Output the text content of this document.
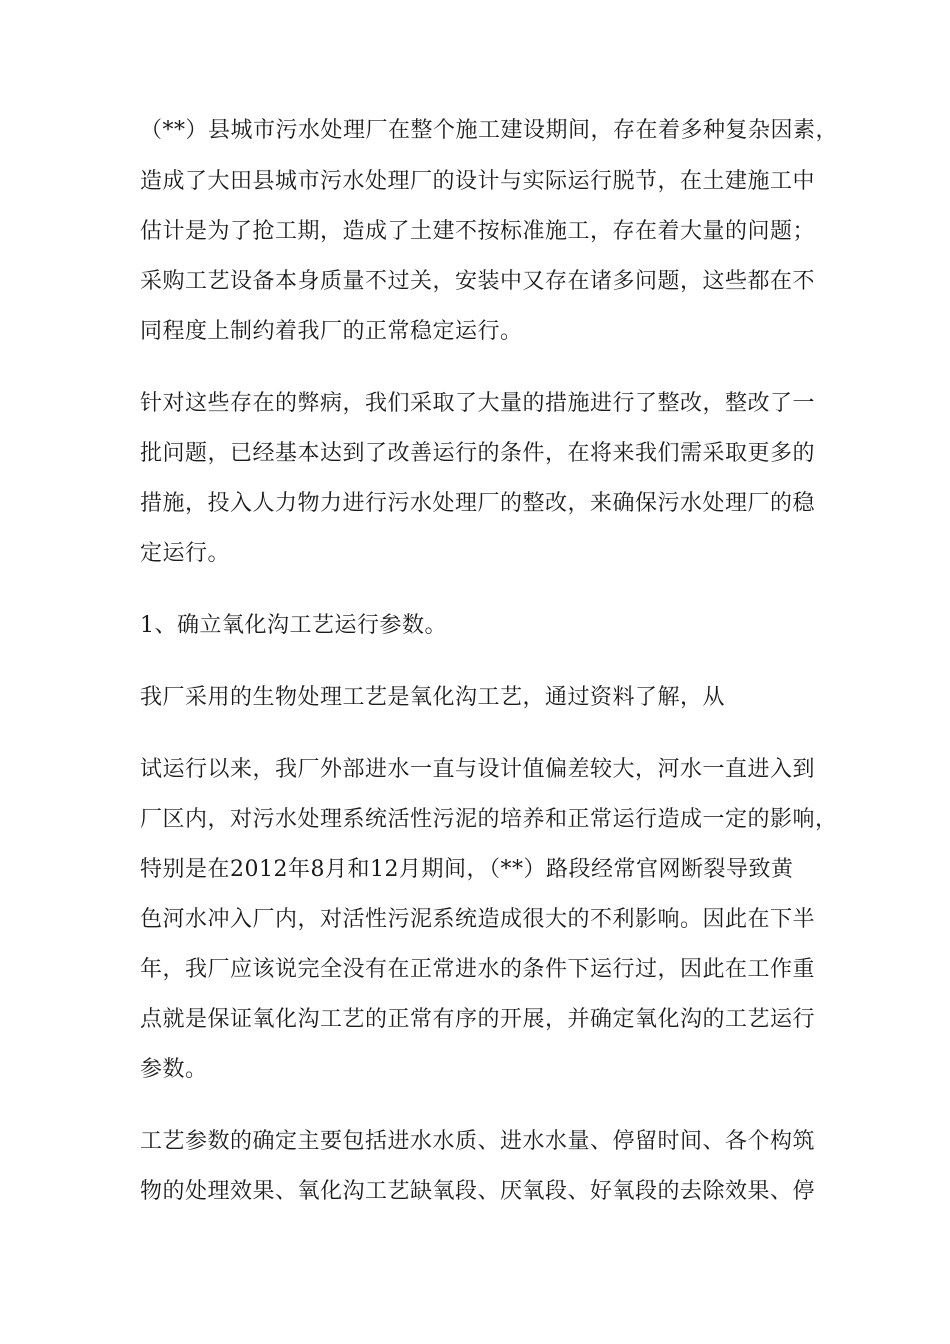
（**）县城市污水处理厂在整个施工建设期间，存在着多种复杂因素，
造成了大田县城市污水处理厂的设计与实际运行脱节，在土建施工中
估计是为了抢工期，造成了土建不按标准施工，存在着大量的问题；
采购工艺设备本身质量不过关，安装中又存在诸多问题，这些都在不
同程度上制约着我厂的正常稳定运行。
针对这些存在的弊病，我们采取了大量的措施进行了整改，整改了一
批问题，已经基本达到了改善运行的条件，在将来我们需采取更多的
措施，投入人力物力进行污水处理厂的整改，来确保污水处理厂的稳
定运行。
1、确立氧化沟工艺运行参数。
我厂采用的生物处理工艺是氧化沟工艺，通过资料了解，从
试运行以来，我厂外部进水一直与设计值偏差较大，河水一直进入到
厂区内，对污水处理系统活性污泥的培养和正常运行造成一定的影响，
特别是在2012年8月和12月期间，（**）路段经常官网断裂导致黄
色河水冲入厂内，对活性污泥系统造成很大的不利影响。因此在下半
年，我厂应该说完全没有在正常进水的条件下运行过，因此在工作重
点就是保证氧化沟工艺的正常有序的开展，并确定氧化沟的工艺运行
参数。
工艺参数的确定主要包括进水水质、进水水量、停留时间、各个构筑
物的处理效果、氧化沟工艺缺氧段、厌氧段、好氧段的去除效果、停
